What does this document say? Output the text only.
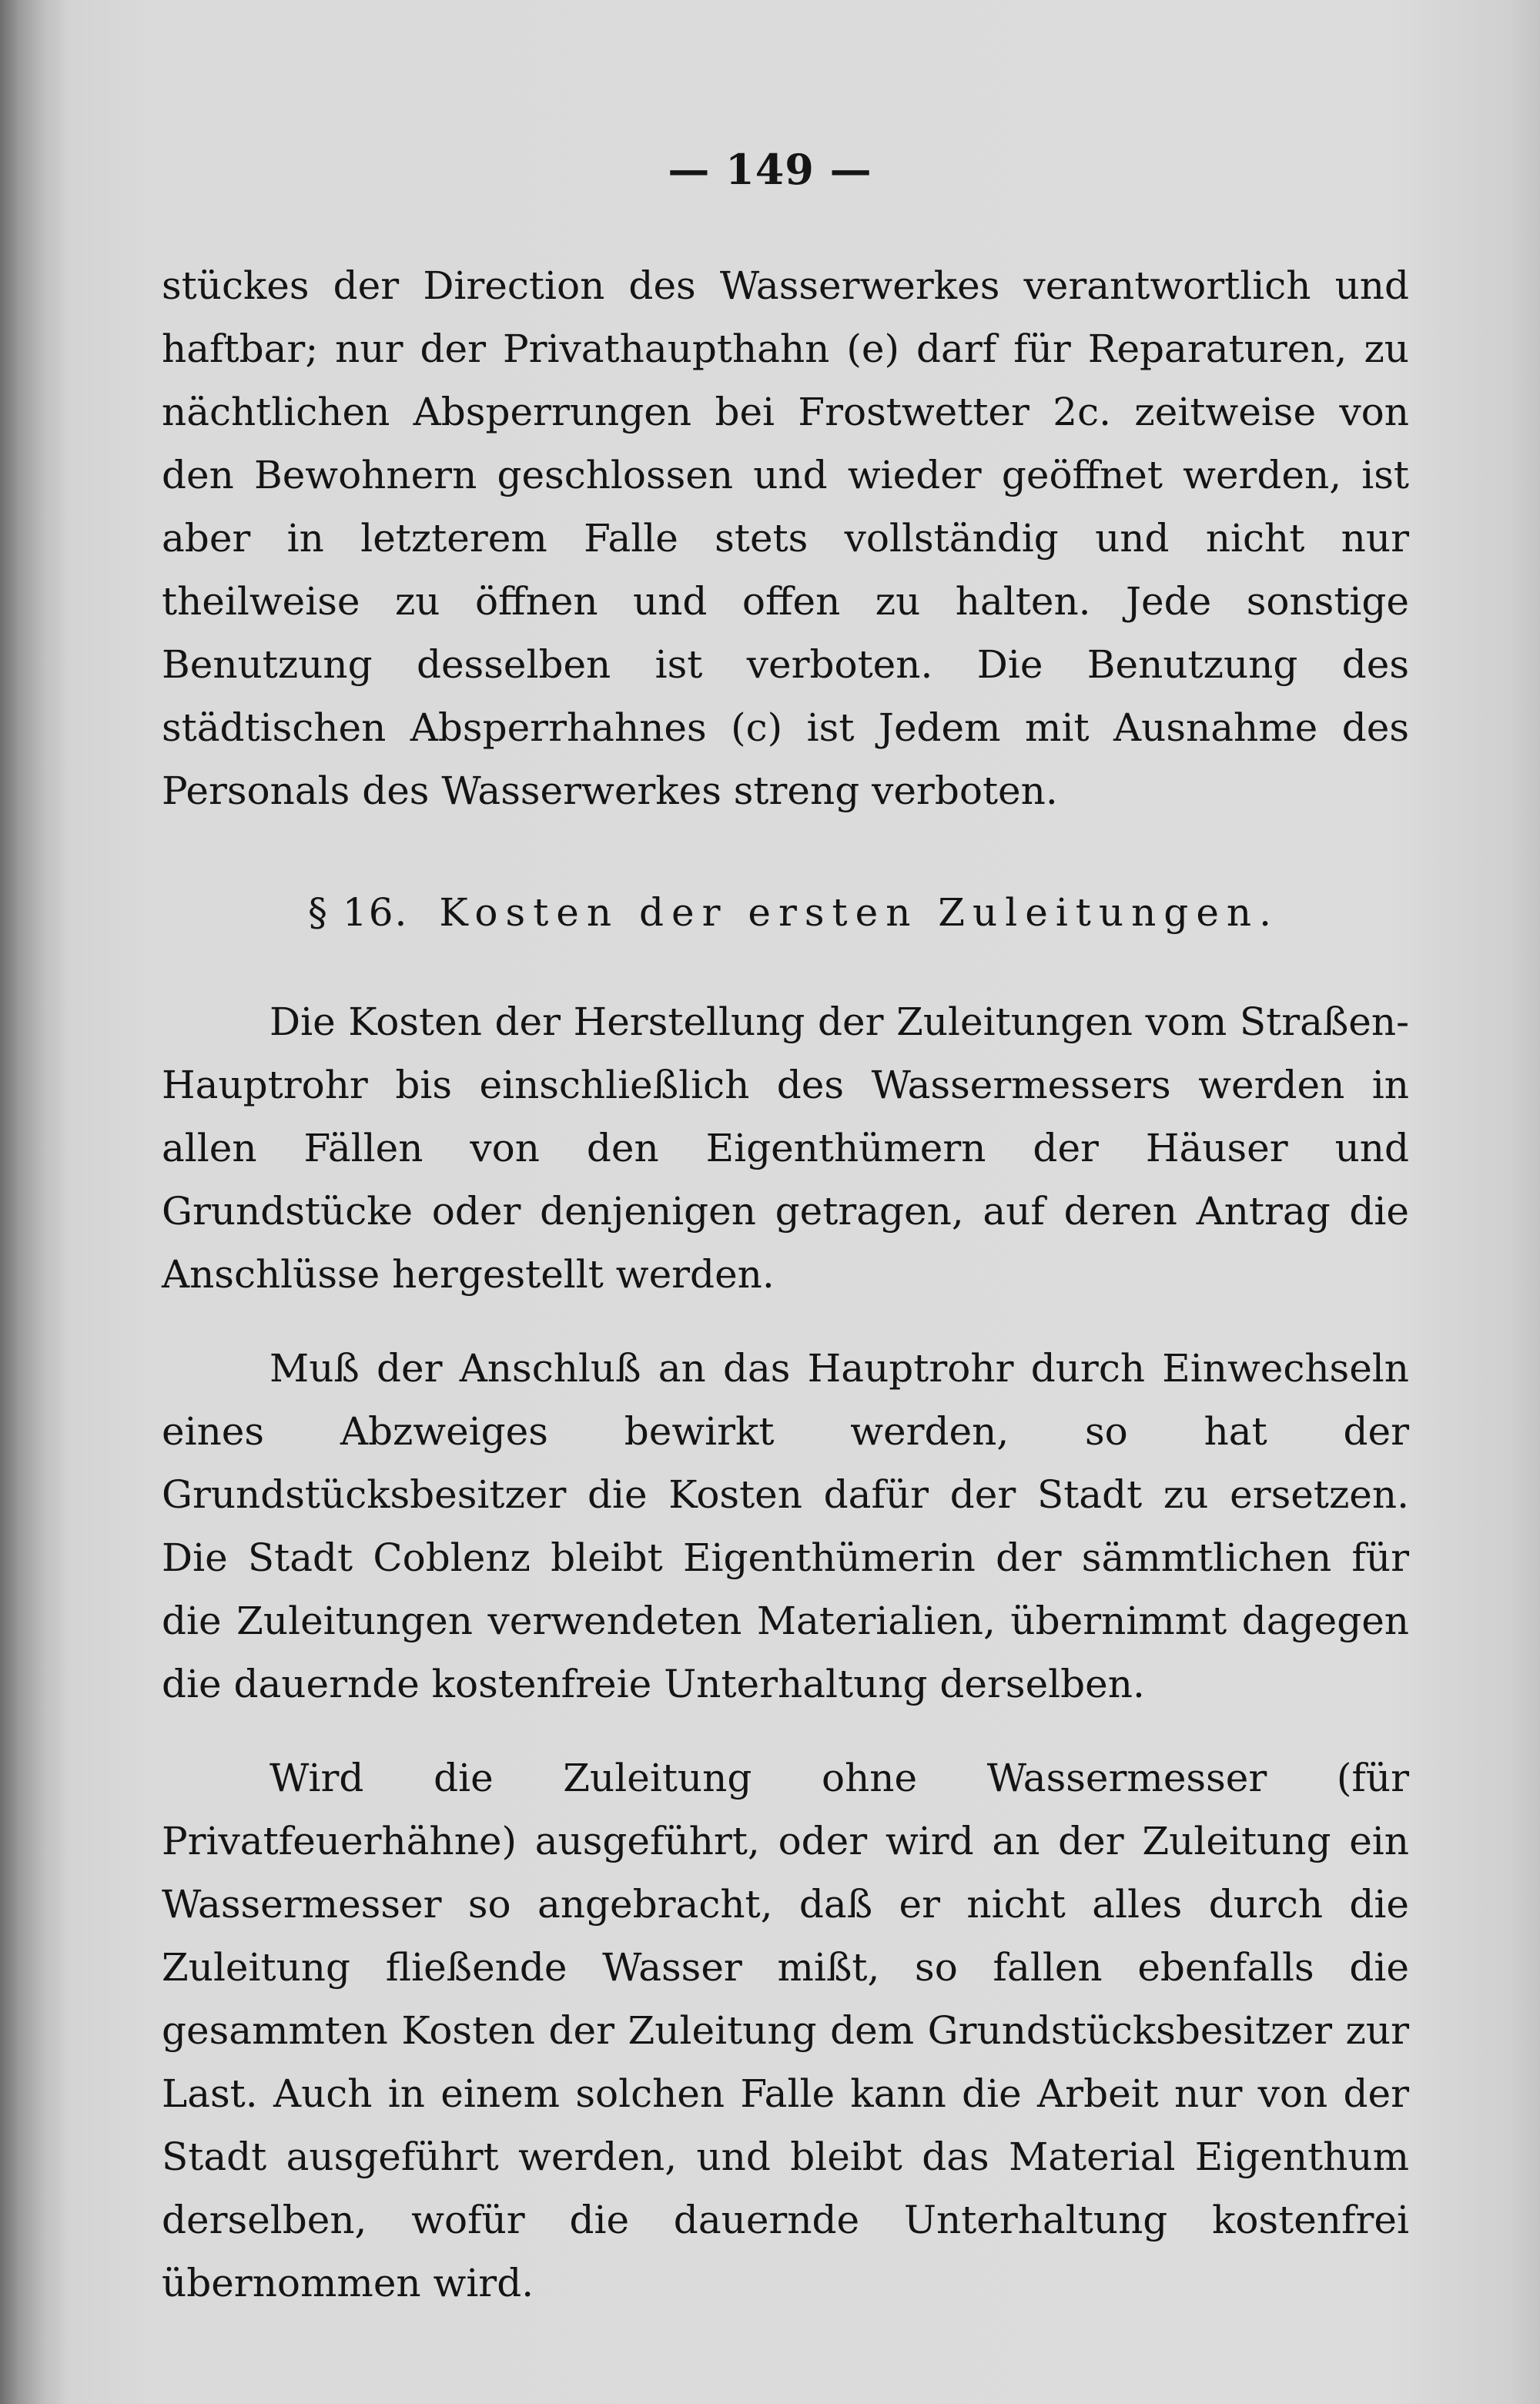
— 149 —

stückes der Direction des Wasserwerkes verantwortlich und haftbar; nur der Privathaupthahn (e) darf für Reparaturen, zu nächtlichen Absperrungen bei Frostwetter 2c. zeitweise von den Bewohnern geschlossen und wieder geöffnet werden, ist aber in letzterem Falle stets vollständig und nicht nur theilweise zu öffnen und offen zu halten. Jede sonstige Benutzung desselben ist verboten. Die Benutzung des städtischen Absperrhahnes (c) ist Jedem mit Ausnahme des Personals des Wasserwerkes streng verboten.

§ 16. Kosten der ersten Zuleitungen.

Die Kosten der Herstellung der Zuleitungen vom Straßen-Hauptrohr bis einschließlich des Wassermessers werden in allen Fällen von den Eigenthümern der Häuser und Grundstücke oder denjenigen getragen, auf deren Antrag die Anschlüsse hergestellt werden.

Muß der Anschluß an das Hauptrohr durch Einwechseln eines Abzweiges bewirkt werden, so hat der Grundstücksbesitzer die Kosten dafür der Stadt zu ersetzen. Die Stadt Coblenz bleibt Eigenthümerin der sämmtlichen für die Zuleitungen verwendeten Materialien, übernimmt dagegen die dauernde kostenfreie Unterhaltung derselben.

Wird die Zuleitung ohne Wassermesser (für Privatfeuerhähne) ausgeführt, oder wird an der Zuleitung ein Wassermesser so angebracht, daß er nicht alles durch die Zuleitung fließende Wasser mißt, so fallen ebenfalls die gesammten Kosten der Zuleitung dem Grundstücksbesitzer zur Last. Auch in einem solchen Falle kann die Arbeit nur von der Stadt ausgeführt werden, und bleibt das Material Eigenthum derselben, wofür die dauernde Unterhaltung kostenfrei übernommen wird.
